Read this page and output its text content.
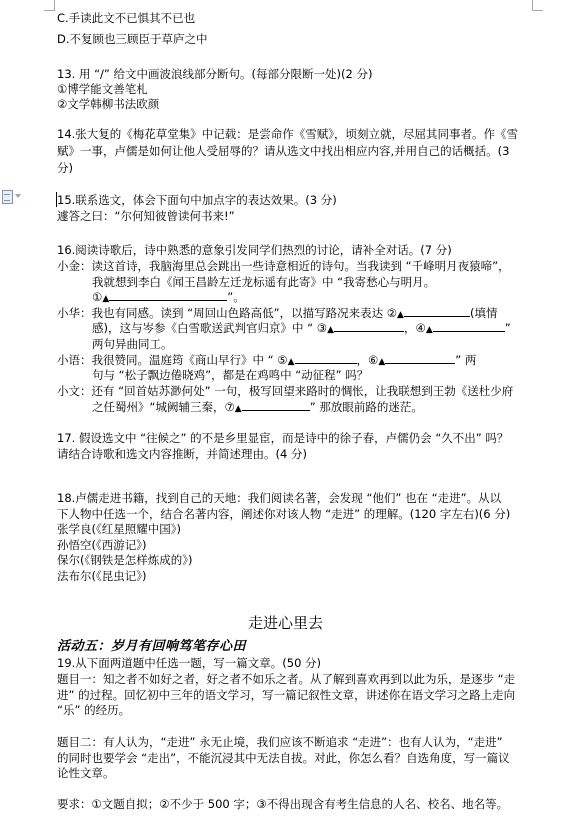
C.手读此文不已惧其不已也
D.不复顾也三顾臣于草庐之中
13. 用 “/” 给文中画波浪线部分断句。(每部分限断一处)(2 分)
①博学能文善笔札
②文学韩柳书法欧颜
14.张大复的《梅花草堂集》中记载：是尝命作《雪赋》，顷刻立就，尽屈其同事者。作《雪
赋》一事，卢儒是如何让他人受屈辱的？请从选文中找出相应内容,并用自己的话概括。(3
分)
15.联系选文，体会下面句中加点字的表达效果。(3 分)
遽答之曰：“尔何知彼曾读何书来!”
16.阅读诗歌后，诗中熟悉的意象引发同学们热烈的讨论，请补全对话。(7 分)
小金：读这首诗，我脑海里总会跳出一些诗意相近的诗句。当我读到 “千峰明月夜猿啼”，
我就想到李白《闻王昌龄左迁龙标遥有此寄》中 “我寄愁心与明月。
①▲	”。
小华：我也有同感。读到 “周回山色路高低”，以描写路况来表达 ②▲	(填情
感)，这与岑参《白雪歌送武判官归京》中 “ ③▲	，④▲	”
两句异曲同工。
小语：我很赞同。温庭筠《商山早行》中 “ ⑤▲	，⑥▲	” 两
句与 “松子飘边倦晓鸡”，都是在鸡鸣中 “动征程” 吗？
小文：还有 “回首姑苏渺何处” 一句，极写回望来路时的惆怅，让我联想到王勃《送杜少府
之任蜀州》“城阙辅三秦，⑦▲	” 那放眼前路的迷茫。
17. 假设选文中 “往候之” 的不是乡里显宦，而是诗中的徐子春，卢儒仍会 “久不出” 吗？
请结合诗歌和选文内容推断，并简述理由。(4 分)
18.卢儒走进书籍，找到自己的天地：我们阅读名著，会发现 “他们” 也在 “走进”。从以
下人物中任选一个，结合名著内容，阐述你对该人物 “走进” 的理解。(120 字左右)(6 分)
张学良(《红星照耀中国》)
孙悟空(《西游记》)
保尔(《钢铁是怎样炼成的》)
法布尔(《昆虫记》)
走进心里去
活动五：岁月有回响笃笔存心田
19.从下面两道题中任选一题，写一篇文章。(50 分)
题目一：知之者不如好之者，好之者不如乐之者。从了解到喜欢再到以此为乐，是逐步 “走
进” 的过程。回忆初中三年的语文学习，写一篇记叙性文章，讲述你在语文学习之路上走向
“乐” 的经历。
题目二：有人认为，“走进” 永无止境，我们应该不断追求 “走进”：也有人认为，“走进”
的同时也要学会 “走出”，不能沉浸其中无法自拔。对此，你怎么看？自选角度，写一篇议
论性文章。
要求：①文题自拟；②不少于 500 字；③不得出现含有考生信息的人名、校名、地名等。
